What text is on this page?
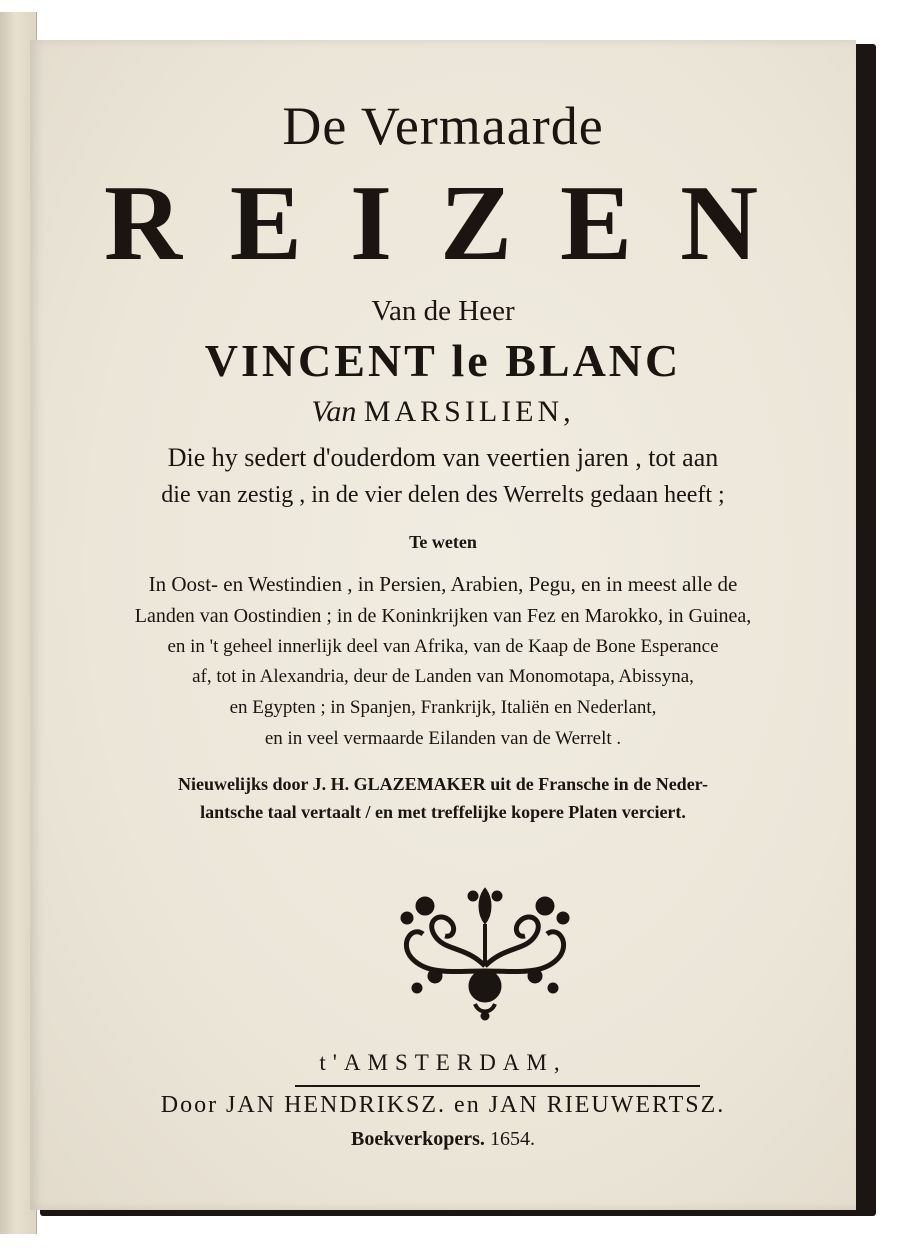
De Vermaarde
REIZEN
Van de Heer
VINCENT le BLANC
Van MARSILIEN,
Die hy sedert d'ouderdom van veertien jaren , tot aan
die van zestig , in de vier delen des Werrelts gedaan heeft ;
Te weten
In Oost- en Westindien , in Persien, Arabien, Pegu, en in meest alle de
Landen van Oostindien ; in de Koninkrijken van Fez en Marokko, in Guinea,
en in 't geheel innerlijk deel van Afrika, van de Kaap de Bone Esperance
af, tot in Alexandria, deur de Landen van Monomotapa, Abissyna,
en Egypten ; in Spanjen, Frankrijk, Italiën en Nederlant,
en in veel vermaarde Eilanden van de Werrelt .
Nieuwelijks door J. H. GLAZEMAKER uit de Fransche in de Neder-
lantsche taal vertaalt / en met treffelijke kopere Platen verciert.
t'AMSTERDAM,
Door JAN HENDRIKSZ. en JAN RIEUWERTSZ.
Boekverkopers. 1654.
